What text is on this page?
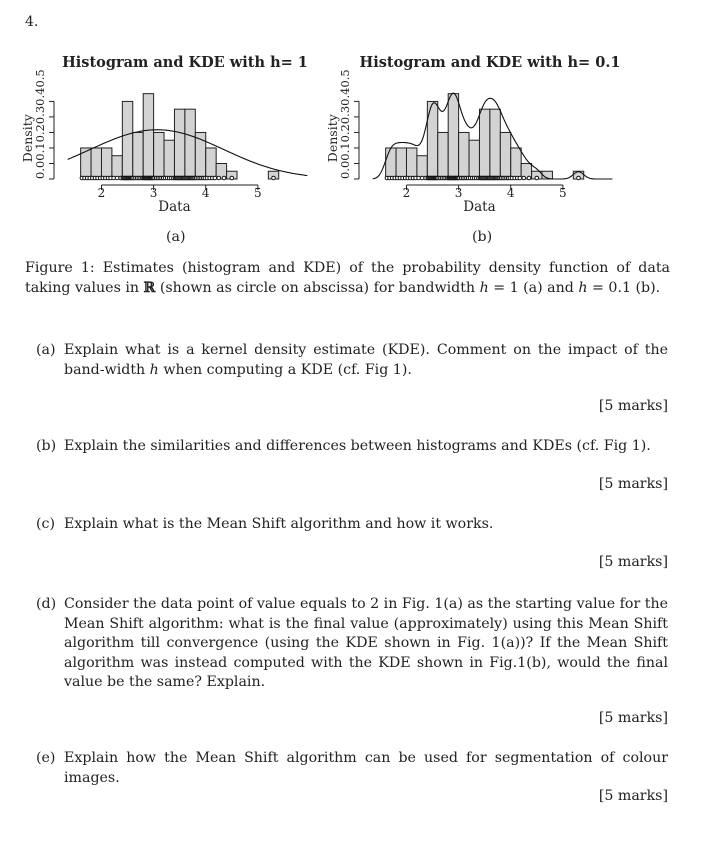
4.
Histogram and KDE with h= 1
2	3	4	5
Data
0.00.10.20.30.40.5
Density
Histogram and KDE with h= 0.1
2	3	4	5
Data
0.00.10.20.30.40.5
Density
(a)	(b)
Figure 1: Estimates (histogram and KDE) of the probability density function of data taking values in ℝ (shown as circle on abscissa) for bandwidth h = 1 (a) and h = 0.1 (b).
(a) Explain what is a kernel density estimate (KDE). Comment on the impact of the band-width h when computing a KDE (cf. Fig 1).
[5 marks]
(b) Explain the similarities and differences between histograms and KDEs (cf. Fig 1).
[5 marks]
(c) Explain what is the Mean Shift algorithm and how it works.
[5 marks]
(d) Consider the data point of value equals to 2 in Fig. 1(a) as the starting value for the Mean Shift algorithm: what is the final value (approximately) using this Mean Shift algorithm till convergence (using the KDE shown in Fig. 1(a))? If the Mean Shift algorithm was instead computed with the KDE shown in Fig.1(b), would the final value be the same? Explain.
[5 marks]
(e) Explain how the Mean Shift algorithm can be used for segmentation of colour images.
[5 marks]
